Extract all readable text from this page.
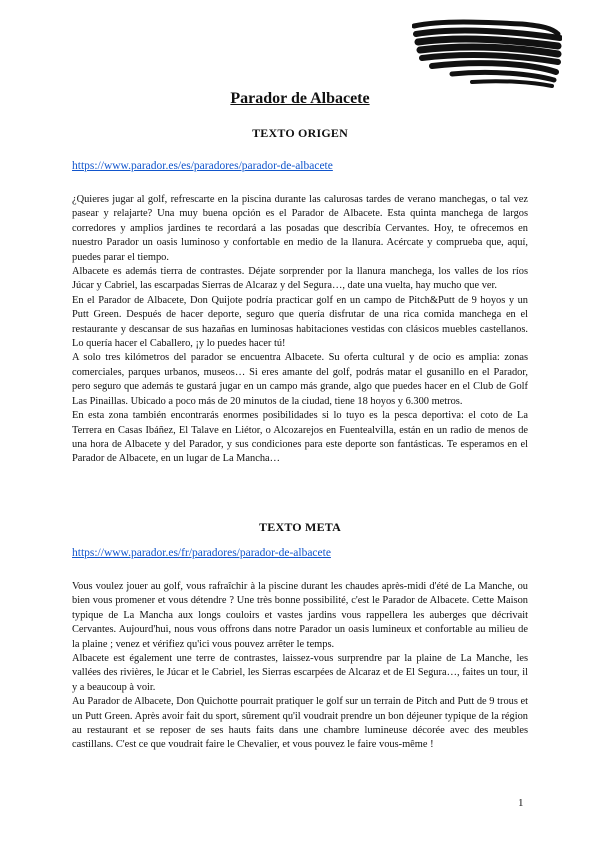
Parador de Albacete
TEXTO ORIGEN
https://www.parador.es/es/paradores/parador-de-albacete

¿Quieres jugar al golf, refrescarte en la piscina durante las calurosas tardes de verano manchegas, o tal vez pasear y relajarte? Una muy buena opción es el Parador de Albacete. Esta quinta manchega de largos corredores y amplios jardines te recordará a las posadas que describía Cervantes. Hoy, te ofrecemos en nuestro Parador un oasis luminoso y confortable en medio de la llanura. Acércate y comprueba que, aquí, puedes parar el tiempo.

Albacete es además tierra de contrastes. Déjate sorprender por la llanura manchega, los valles de los ríos Júcar y Cabriel, las escarpadas Sierras de Alcaraz y del Segura…, date una vuelta, hay mucho que ver.

En el Parador de Albacete, Don Quijote podría practicar golf en un campo de Pitch&Putt de 9 hoyos y un Putt Green. Después de hacer deporte, seguro que quería disfrutar de una rica comida manchega en el restaurante y descansar de sus hazañas en luminosas habitaciones vestidas con clásicos muebles castellanos. Lo quería hacer el Caballero, ¡y lo puedes hacer tú!

A solo tres kilómetros del parador se encuentra Albacete. Su oferta cultural y de ocio es amplia: zonas comerciales, parques urbanos, museos… Si eres amante del golf, podrás matar el gusanillo en el Parador, pero seguro que además te gustará jugar en un campo más grande, algo que puedes hacer en el Club de Golf Las Pinaillas. Ubicado a poco más de 20 minutos de la ciudad, tiene 18 hoyos y 6.300 metros.

En esta zona también encontrarás enormes posibilidades si lo tuyo es la pesca deportiva: el coto de La Terrera en Casas Ibáñez, El Talave en Liétor, o Alcozarejos en Fuentealvilla, están en un radio de menos de una hora de Albacete y del Parador, y sus condiciones para este deporte son fantásticas. Te esperamos en el Parador de Albacete, en un lugar de La Mancha…

TEXTO META
https://www.parador.es/fr/paradores/parador-de-albacete

Vous voulez jouer au golf, vous rafraîchir à la piscine durant les chaudes après-midi d'été de La Manche, ou bien vous promener et vous détendre ? Une très bonne possibilité, c'est le Parador de Albacete. Cette Maison typique de La Mancha aux longs couloirs et vastes jardins vous rappellera les auberges que décrivait Cervantes. Aujourd'hui, nous vous offrons dans notre Parador un oasis lumineux et confortable au milieu de la plaine ; venez et vérifiez qu'ici vous pouvez arrêter le temps.

Albacete est également une terre de contrastes, laissez-vous surprendre par la plaine de La Manche, les vallées des rivières, le Júcar et le Cabriel, les Sierras escarpées de Alcaraz et de El Segura…, faites un tour, il y a beaucoup à voir.

Au Parador de Albacete, Don Quichotte pourrait pratiquer le golf sur un terrain de Pitch and Putt de 9 trous et un Putt Green. Après avoir fait du sport, sûrement qu'il voudrait prendre un bon déjeuner typique de la région au restaurant et se reposer de ses hauts faits dans une chambre lumineuse décorée avec des meubles castillans. C'est ce que voudrait faire le Chevalier, et vous pouvez le faire vous-même !

1
